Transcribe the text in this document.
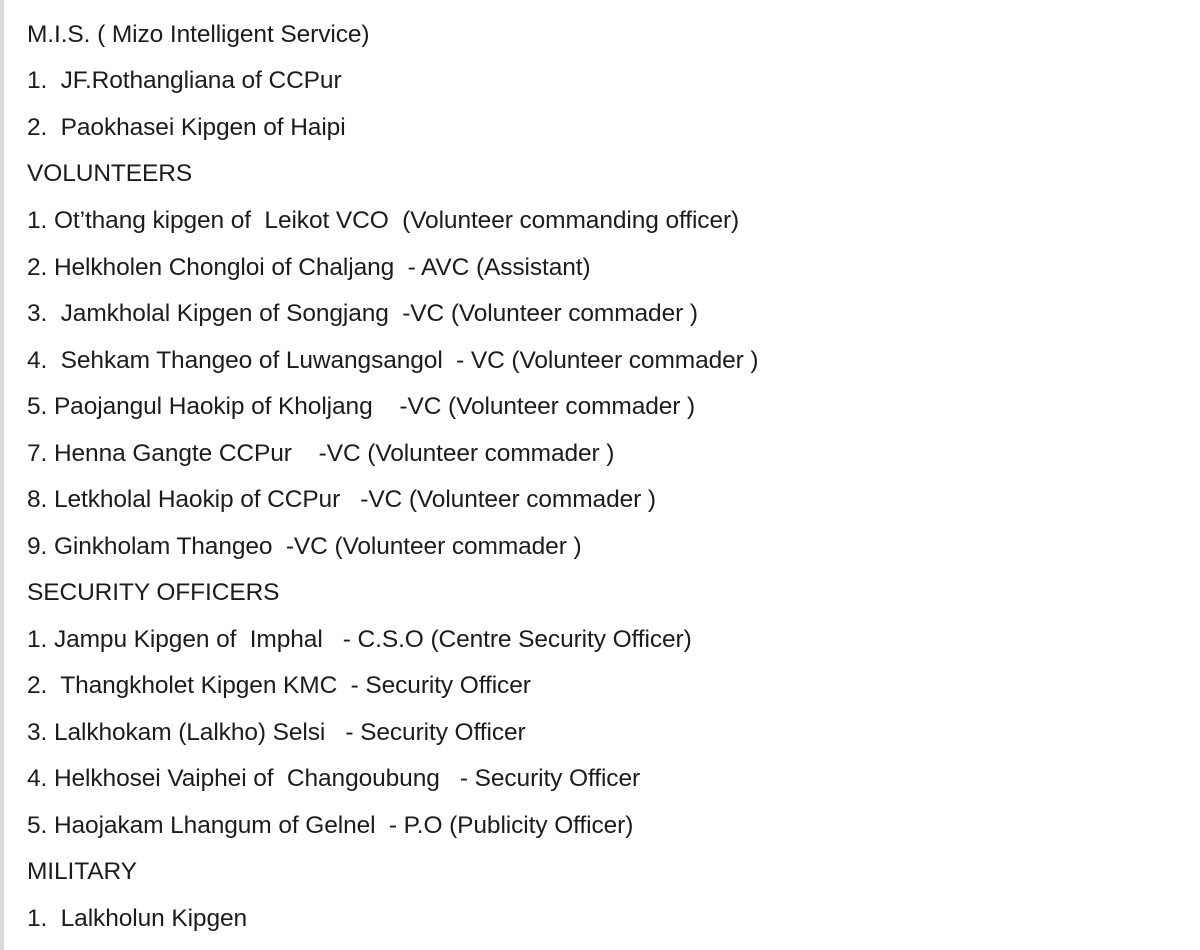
M.I.S. ( Mizo Intelligent Service)
1.  JF.Rothangliana of CCPur
2.  Paokhasei Kipgen of Haipi
VOLUNTEERS
1. Ot’thang kipgen of  Leikot VCO  (Volunteer commanding officer)
2. Helkholen Chongloi of Chaljang  - AVC (Assistant)
3.  Jamkholal Kipgen of Songjang  -VC (Volunteer commader )
4.  Sehkam Thangeo of Luwangsangol  - VC (Volunteer commader )
5. Paojangul Haokip of Kholjang    -VC (Volunteer commader )
7. Henna Gangte CCPur    -VC (Volunteer commader )
8. Letkholal Haokip of CCPur   -VC (Volunteer commader )
9. Ginkholam Thangeo  -VC (Volunteer commader )
SECURITY OFFICERS
1. Jampu Kipgen of  Imphal   - C.S.O (Centre Security Officer)
2.  Thangkholet Kipgen KMC  - Security Officer
3. Lalkhokam (Lalkho) Selsi   - Security Officer
4. Helkhosei Vaiphei of  Changoubung   - Security Officer
5. Haojakam Lhangum of Gelnel  - P.O (Publicity Officer)
MILITARY
1.  Lalkholun Kipgen
